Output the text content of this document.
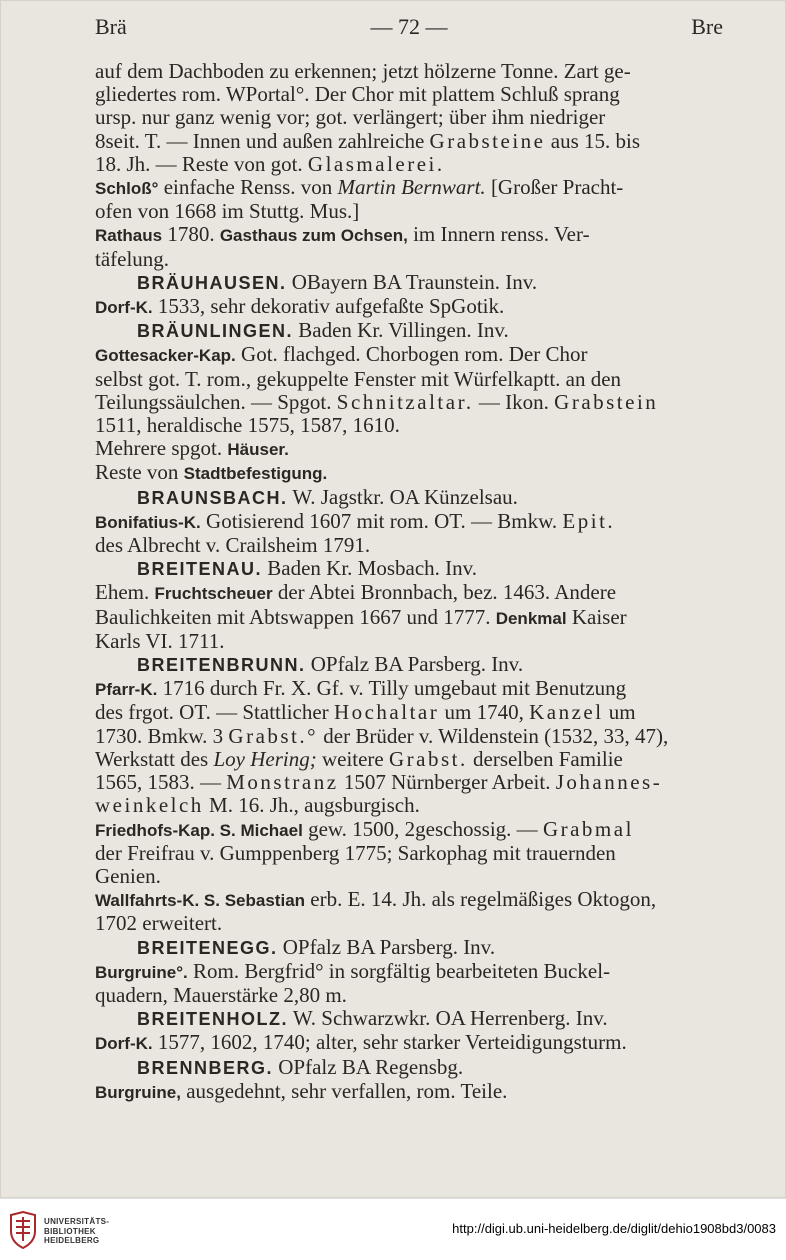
Brä	— 72 —	Bre

auf dem Dachboden zu erkennen; jetzt hölzerne Tonne. Zart ge-

gliedertes rom. WPortal°. Der Chor mit plattem Schluß sprang

ursp. nur ganz wenig vor; got. verlängert; über ihm niedriger

8seit. T. — Innen und außen zahlreiche Grabsteine aus 15. bis

18. Jh. — Reste von got. Glasmalerei.

Schloß° einfache Renss. von Martin Bernwart. [Großer Pracht-

ofen von 1668 im Stuttg. Mus.]

Rathaus 1780. Gasthaus zum Ochsen, im Innern renss. Ver-

täfelung.

BRÄUHAUSEN. OBayern BA Traunstein. Inv.

Dorf-K. 1533, sehr dekorativ aufgefaßte SpGotik.

BRÄUNLINGEN. Baden Kr. Villingen. Inv.

Gottesacker-Kap. Got. flachged. Chorbogen rom. Der Chor

selbst got. T. rom., gekuppelte Fenster mit Würfelkaptt. an den

Teilungssäulchen. — Spgot. Schnitzaltar. — Ikon. Grabstein

1511, heraldische 1575, 1587, 1610.

Mehrere spgot. Häuser.

Reste von Stadtbefestigung.

BRAUNSBACH. W. Jagstkr. OA Künzelsau.

Bonifatius-K. Gotisierend 1607 mit rom. OT. — Bmkw. Epit.

des Albrecht v. Crailsheim 1791.

BREITENAU. Baden Kr. Mosbach. Inv.

Ehem. Fruchtscheuer der Abtei Bronnbach, bez. 1463. Andere

Baulichkeiten mit Abtswappen 1667 und 1777. Denkmal Kaiser

Karls VI. 1711.

BREITENBRUNN. OPfalz BA Parsberg. Inv.

Pfarr-K. 1716 durch Fr. X. Gf. v. Tilly umgebaut mit Benutzung

des frgot. OT. — Stattlicher Hochaltar um 1740, Kanzel um

1730. Bmkw. 3 Grabst.° der Brüder v. Wildenstein (1532, 33, 47),

Werkstatt des Loy Hering; weitere Grabst. derselben Familie

1565, 1583. — Monstranz 1507 Nürnberger Arbeit. Johannes-

weinkelch M. 16. Jh., augsburgisch.

Friedhofs-Kap. S. Michael gew. 1500, 2geschossig. — Grabmal

der Freifrau v. Gumppenberg 1775; Sarkophag mit trauernden

Genien.

Wallfahrts-K. S. Sebastian erb. E. 14. Jh. als regelmäßiges Oktogon,

1702 erweitert.

BREITENEGG. OPfalz BA Parsberg. Inv.

Burgruine°. Rom. Bergfrid° in sorgfältig bearbeiteten Buckel-

quadern, Mauerstärke 2,80 m.

BREITENHOLZ. W. Schwarzwkr. OA Herrenberg. Inv.

Dorf-K. 1577, 1602, 1740; alter, sehr starker Verteidigungsturm.

BRENNBERG. OPfalz BA Regensbg.

Burgruine, ausgedehnt, sehr verfallen, rom. Teile.

UNIVERSITÄTS-
BIBLIOTHEK
HEIDELBERG
http://digi.ub.uni-heidelberg.de/diglit/dehio1908bd3/0083
